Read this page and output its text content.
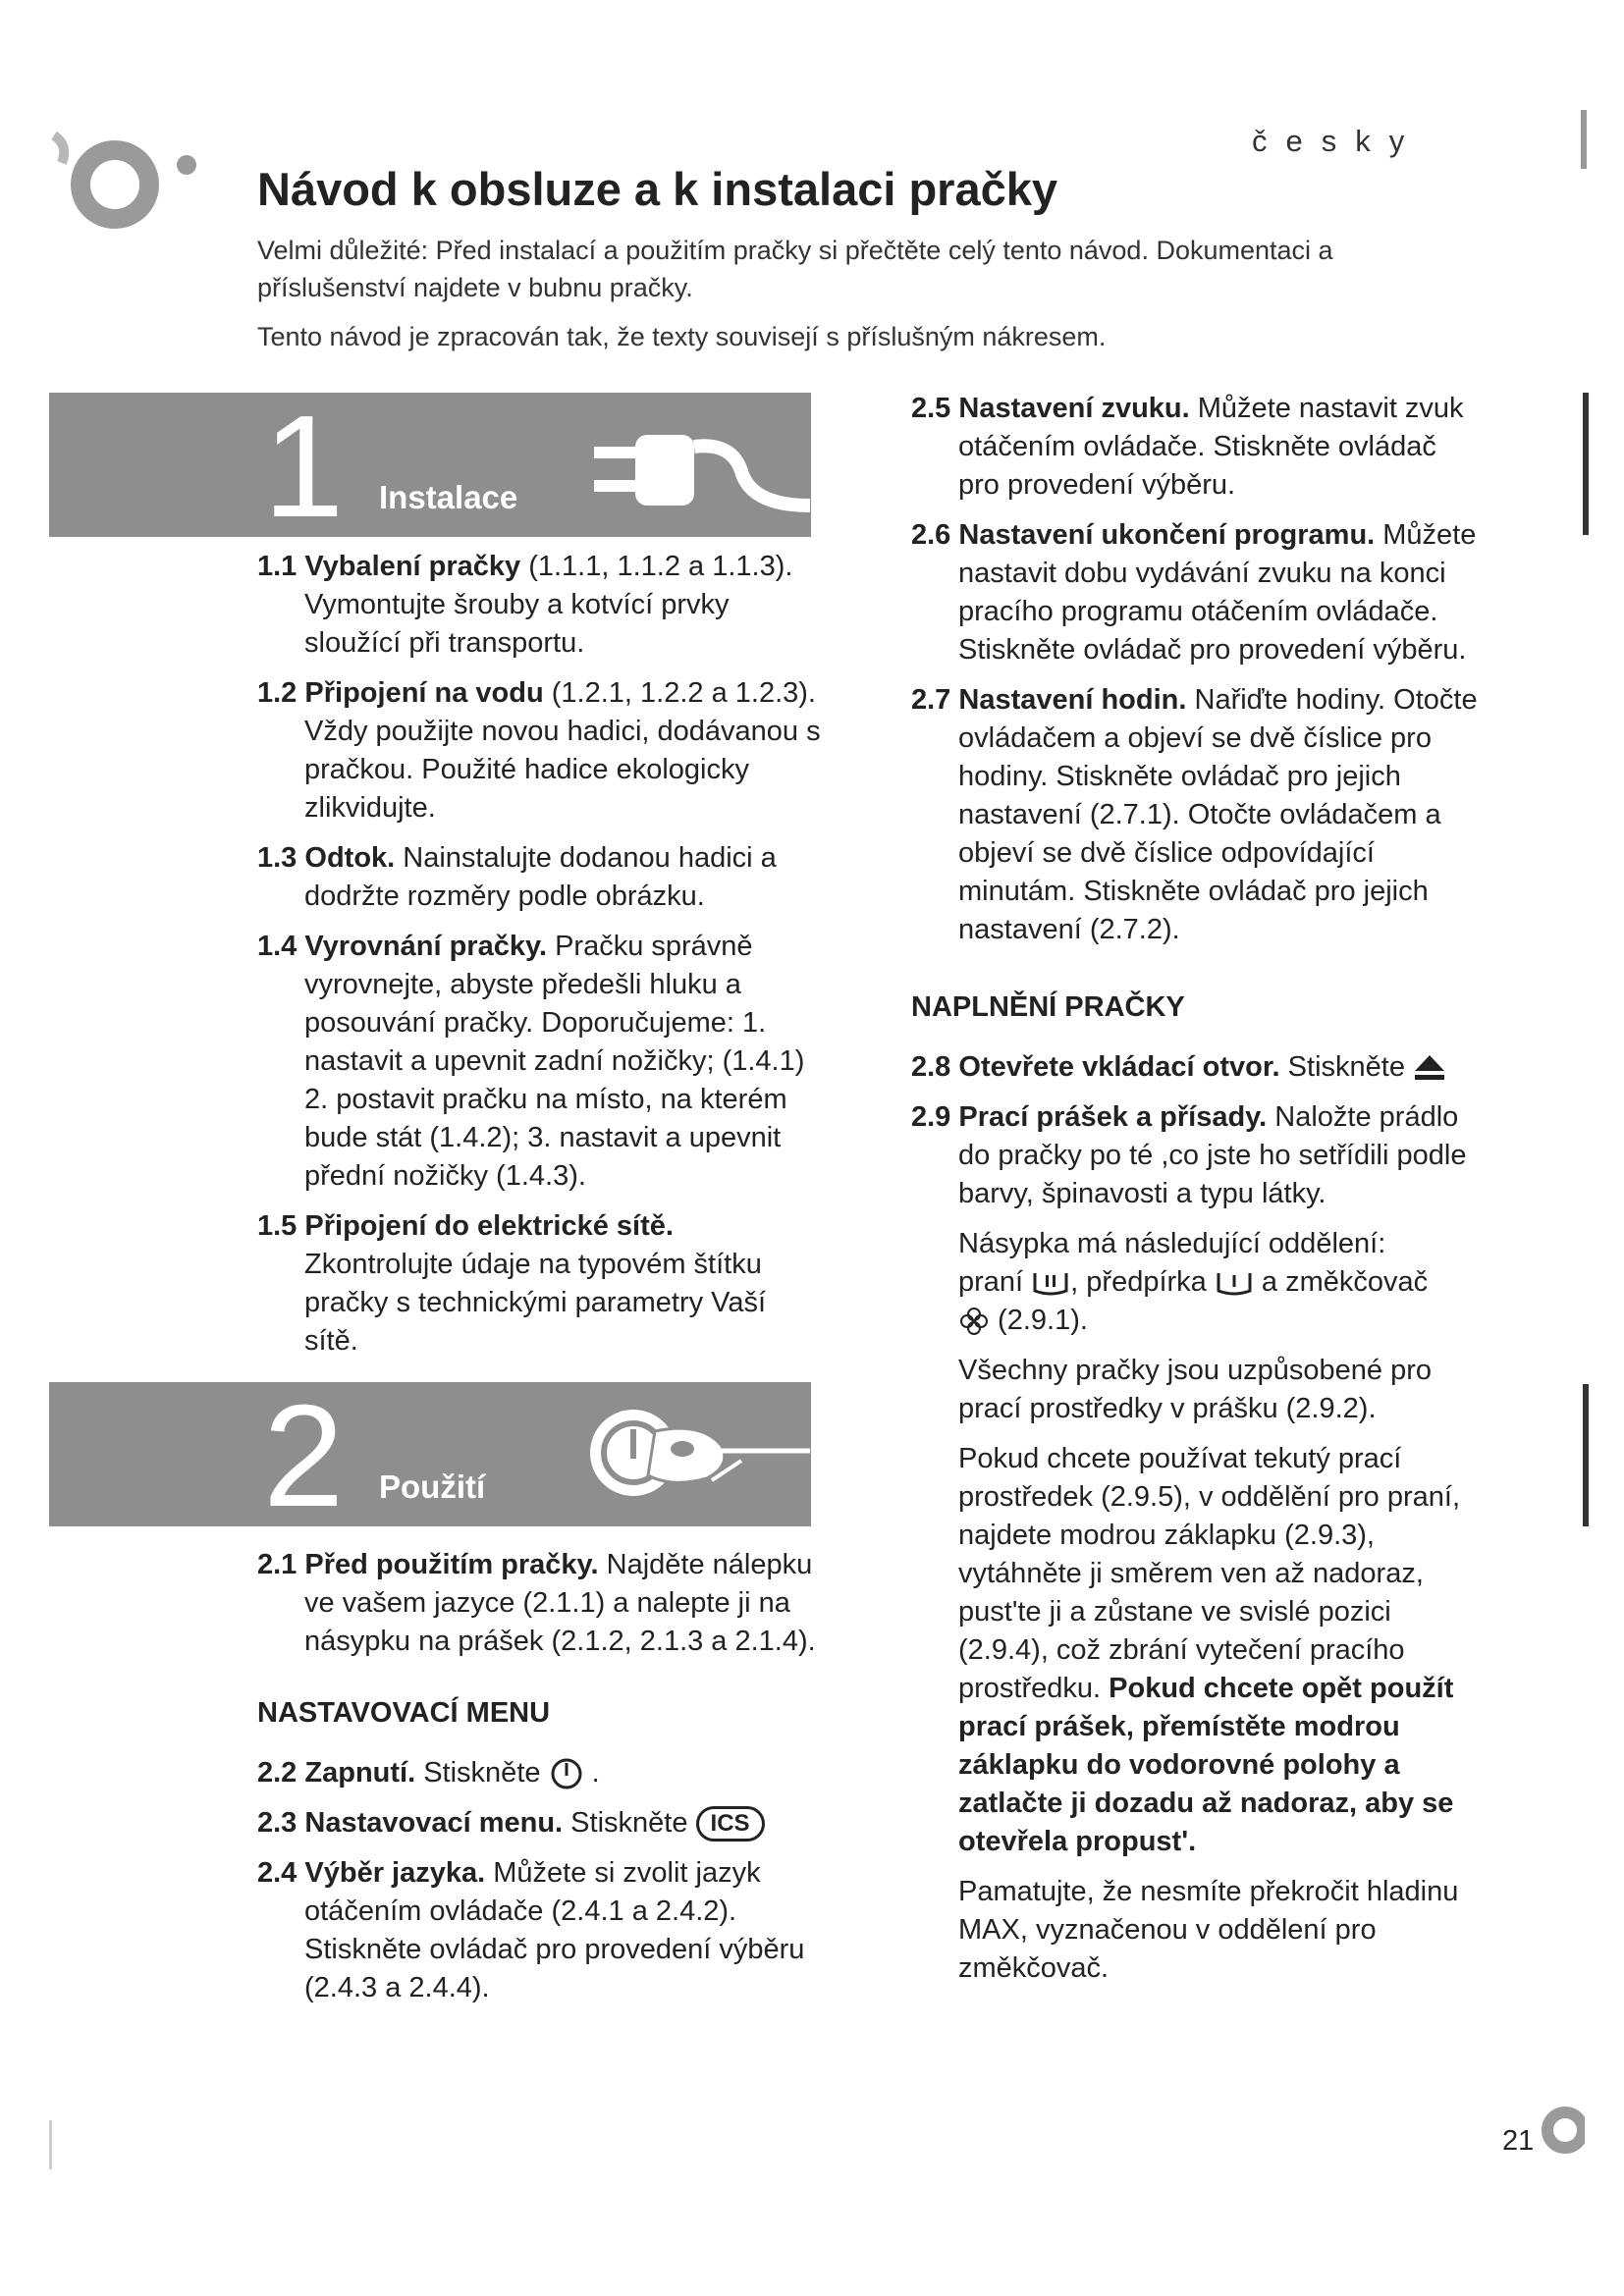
česky
Návod k obsluze a k instalaci pračky

Velmi důležité: Před instalací a použitím pračky si přečtěte celý tento návod. Dokumentaci a příslušenství najdete v bubnu pračky.

Tento návod je zpracován tak, že texty souvisejí s příslušným nákresem.

1 Instalace

1.1 Vybalení pračky (1.1.1, 1.1.2 a 1.1.3). Vymontujte šrouby a kotvící prvky sloužící při transportu.

1.2 Připojení na vodu (1.2.1, 1.2.2 a 1.2.3). Vždy použijte novou hadici, dodávanou s pračkou. Použité hadice ekologicky zlikvidujte.

1.3 Odtok. Nainstalujte dodanou hadici a dodržte rozměry podle obrázku.

1.4 Vyrovnání pračky. Pračku správně vyrovnejte, abyste předešli hluku a posouvání pračky. Doporučujeme: 1. nastavit a upevnit zadní nožičky; (1.4.1) 2. postavit pračku na místo, na kterém bude stát (1.4.2); 3. nastavit a upevnit přední nožičky (1.4.3).

1.5 Připojení do elektrické sítě. Zkontrolujte údaje na typovém štítku pračky s technickými parametry Vaší sítě.

2 Použití

2.1 Před použitím pračky. Najděte nálepku ve vašem jazyce (2.1.1) a nalepte ji na násypku na prášek (2.1.2, 2.1.3 a 2.1.4).

NASTAVOVACÍ MENU

2.2 Zapnutí. Stiskněte  .

2.3 Nastavovací menu. Stiskněte ICS

2.4 Výběr jazyka. Můžete si zvolit jazyk otáčením ovládače (2.4.1 a 2.4.2). Stiskněte ovládač pro provedení výběru (2.4.3 a 2.4.4).

2.5 Nastavení zvuku. Můžete nastavit zvuk otáčením ovládače. Stiskněte ovládač pro provedení výběru.

2.6 Nastavení ukončení programu. Můžete nastavit dobu vydávání zvuku na konci pracího programu otáčením ovládače. Stiskněte ovládač pro provedení výběru.

2.7 Nastavení hodin. Nařiďte hodiny. Otočte ovládačem a objeví se dvě číslice pro hodiny. Stiskněte ovládač pro jejich nastavení (2.7.1). Otočte ovládačem a objeví se dvě číslice odpovídající minutám. Stiskněte ovládač pro jejich nastavení (2.7.2).

NAPLNĚNÍ PRAČKY

2.8 Otevřete vkládací otvor. Stiskněte

2.9 Prací prášek a přísady. Naložte prádlo do pračky po té ,co jste ho setřídili podle barvy, špinavosti a typu látky.

Násypka má následující oddělení:
praní , předpírka  a změkčovač
(2.9.1).

Všechny pračky jsou uzpůsobené pro prací prostředky v prášku (2.9.2).

Pokud chcete používat tekutý prací prostředek (2.9.5), v oddělění pro praní, najdete modrou záklapku (2.9.3), vytáhněte ji směrem ven až nadoraz, pust'te ji a zůstane ve svislé pozici (2.9.4), což zbrání vytečení pracího prostředku. Pokud chcete opět použít prací prášek, přemístěte modrou záklapku do vodorovné polohy a zatlačte ji dozadu až nadoraz, aby se otevřela propust'.

Pamatujte, že nesmíte překročit hladinu MAX, vyznačenou v oddělení pro změkčovač.

21
